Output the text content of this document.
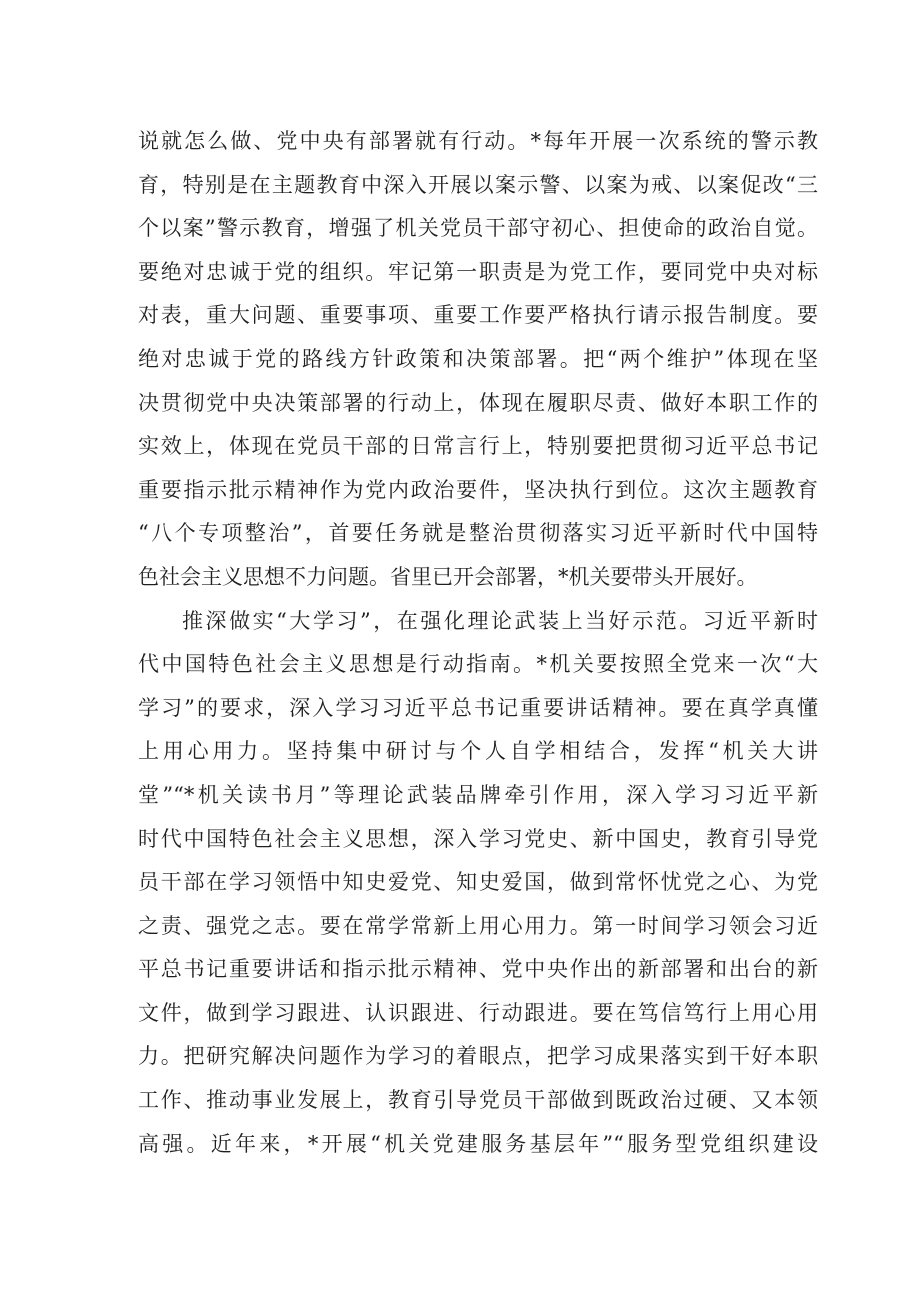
说就怎么做、党中央有部署就有行动。*每年开展一次系统的警示教
育，特别是在主题教育中深入开展以案示警、以案为戒、以案促改“三
个以案”警示教育，增强了机关党员干部守初心、担使命的政治自觉。
要绝对忠诚于党的组织。牢记第一职责是为党工作，要同党中央对标
对表，重大问题、重要事项、重要工作要严格执行请示报告制度。要
绝对忠诚于党的路线方针政策和决策部署。把“两个维护”体现在坚
决贯彻党中央决策部署的行动上，体现在履职尽责、做好本职工作的
实效上，体现在党员干部的日常言行上，特别要把贯彻习近平总书记
重要指示批示精神作为党内政治要件，坚决执行到位。这次主题教育
“八个专项整治”，首要任务就是整治贯彻落实习近平新时代中国特
色社会主义思想不力问题。省里已开会部署，*机关要带头开展好。
推深做实“大学习”，在强化理论武装上当好示范。习近平新时
代中国特色社会主义思想是行动指南。*机关要按照全党来一次“大
学习”的要求，深入学习习近平总书记重要讲话精神。要在真学真懂
上用心用力。坚持集中研讨与个人自学相结合，发挥“机关大讲
堂”“*机关读书月”等理论武装品牌牵引作用，深入学习习近平新
时代中国特色社会主义思想，深入学习党史、新中国史，教育引导党
员干部在学习领悟中知史爱党、知史爱国，做到常怀忧党之心、为党
之责、强党之志。要在常学常新上用心用力。第一时间学习领会习近
平总书记重要讲话和指示批示精神、党中央作出的新部署和出台的新
文件，做到学习跟进、认识跟进、行动跟进。要在笃信笃行上用心用
力。把研究解决问题作为学习的着眼点，把学习成果落实到干好本职
工作、推动事业发展上，教育引导党员干部做到既政治过硬、又本领
高强。近年来，*开展“机关党建服务基层年”“服务型党组织建设
